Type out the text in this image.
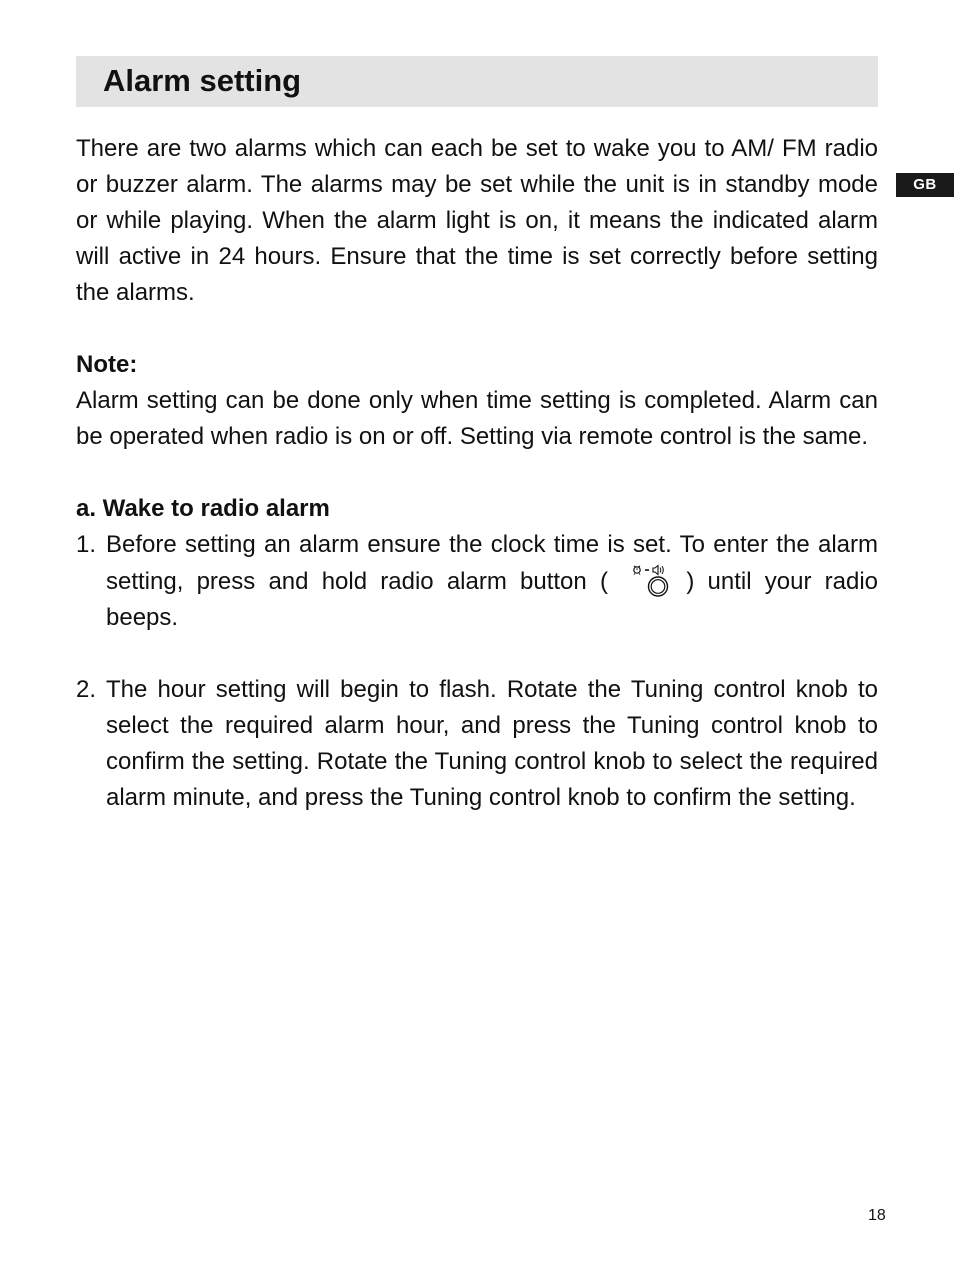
Alarm setting
GB

There are two alarms which can each be set to wake you to AM/ FM radio or buzzer alarm. The alarms may be set while the unit is in standby mode or while playing. When the alarm light is on, it means the indicated alarm will active in 24 hours. Ensure that the time is set correctly before setting the alarms.

Note:

Alarm setting can be done only when time setting is completed. Alarm can be operated when radio is on or off. Setting via remote control is the same.

a. Wake to radio alarm

1. Before setting an alarm ensure the clock time is set. To enter the alarm setting, press and hold radio alarm button (	) until your radio beeps.
2. The hour setting will begin to flash. Rotate the Tuning control knob to select the required alarm hour, and press the Tuning control knob to confirm the setting. Rotate the Tuning control knob to select the required alarm minute, and press the Tuning control knob to confirm the setting.
18
